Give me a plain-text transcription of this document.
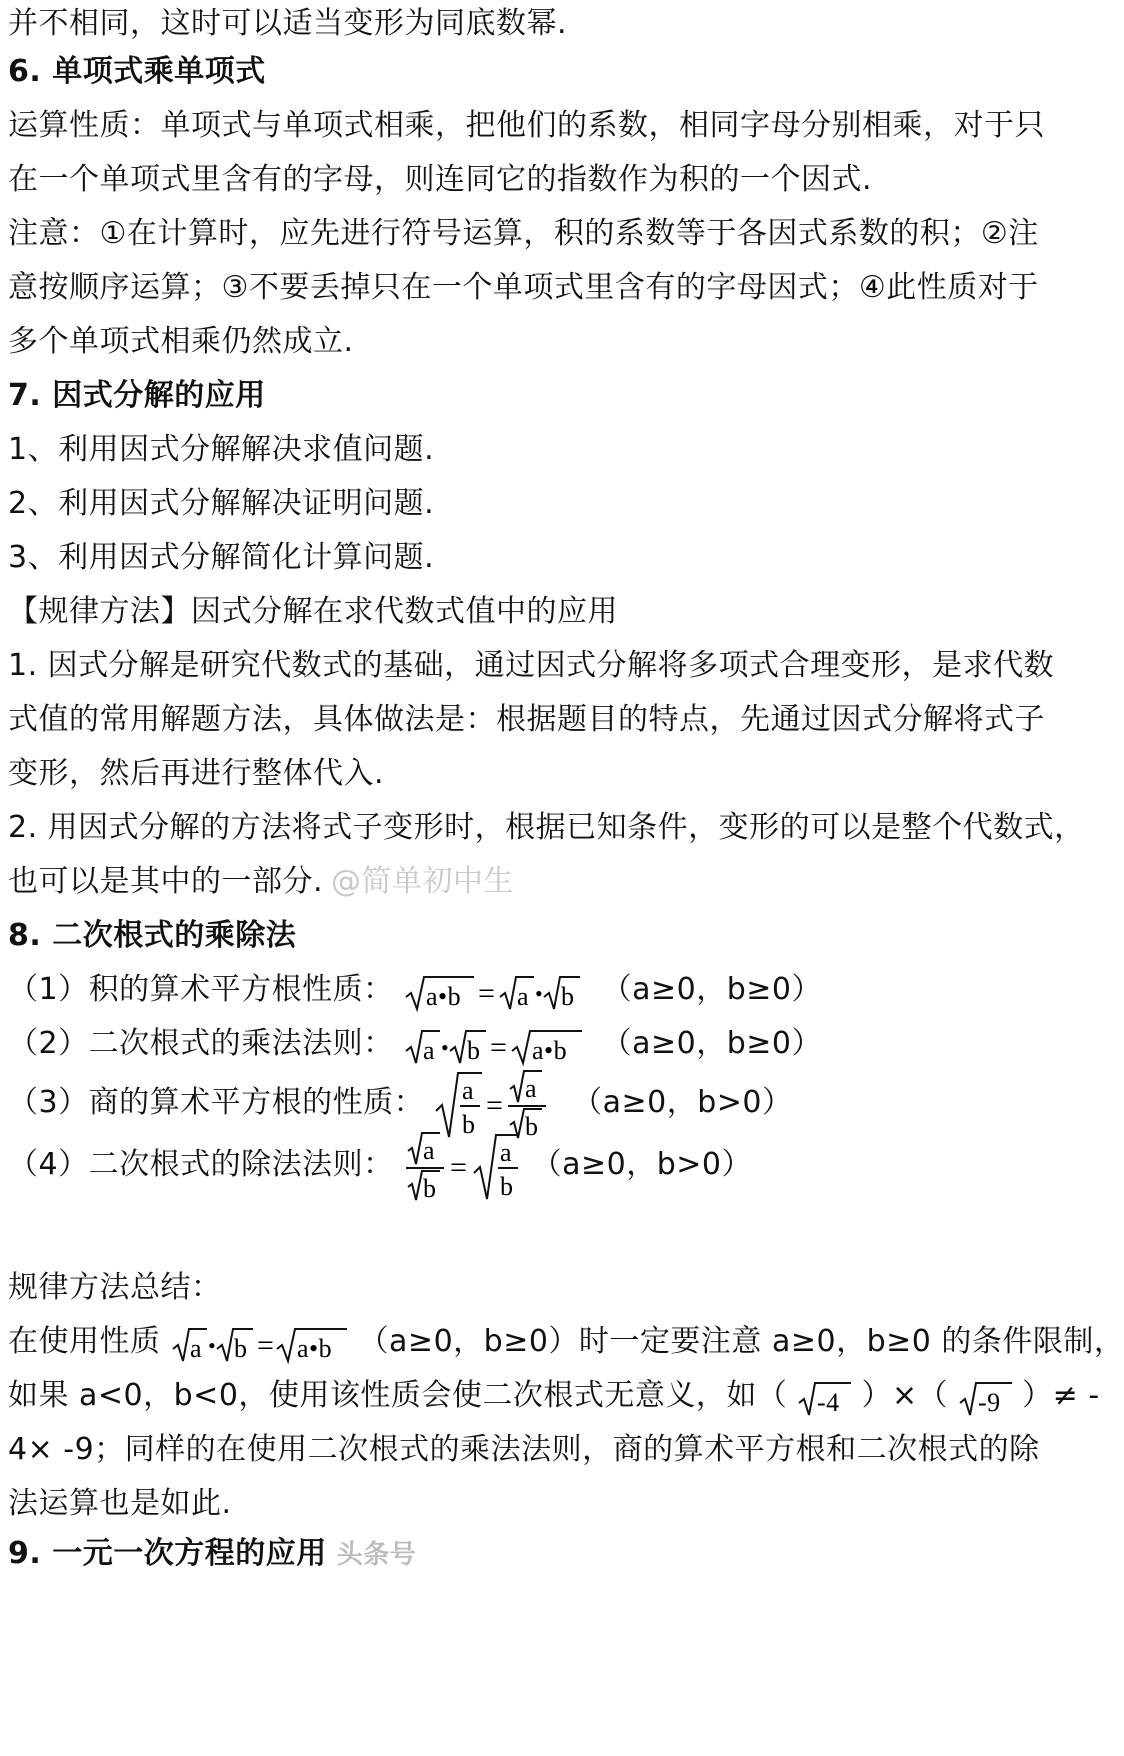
并不相同，这时可以适当变形为同底数幂.
6. 单项式乘单项式
运算性质：单项式与单项式相乘，把他们的系数，相同字母分别相乘，对于只
在一个单项式里含有的字母，则连同它的指数作为积的一个因式.
注意：①在计算时，应先进行符号运算，积的系数等于各因式系数的积；②注
意按顺序运算；③不要丢掉只在一个单项式里含有的字母因式；④此性质对于
多个单项式相乘仍然成立.
7. 因式分解的应用
1、利用因式分解解决求值问题.
2、利用因式分解解决证明问题.
3、利用因式分解简化计算问题.
【规律方法】因式分解在求代数式值中的应用
1. 因式分解是研究代数式的基础，通过因式分解将多项式合理变形，是求代数
式值的常用解题方法，具体做法是：根据题目的特点，先通过因式分解将式子
变形，然后再进行整体代入.
2. 用因式分解的方法将式子变形时，根据已知条件，变形的可以是整个代数式，
也可以是其中的一部分. @简单初中生
8. 二次根式的乘除法
（1）积的算术平方根性质： a•b = a • b （a≥0，b≥0）
（2）二次根式的乘法法则： a • b = a•b （a≥0，b≥0）
（3）商的算术平方根的性质： a
b
=
a
b
（a≥0，b>0）
（4）二次根式的除法法则： a
b
= a
b
（a≥0，b>0）
规律方法总结：
在使用性质 a • b = a•b （a≥0，b≥0）时一定要注意 a≥0，b≥0 的条件限制，
如果 a<0，b<0，使用该性质会使二次根式无意义，如（ -4 ）×（ -9 ）≠ -
4× -9；同样的在使用二次根式的乘法法则，商的算术平方根和二次根式的除
法运算也是如此.
9. 一元一次方程的应用 头条号
